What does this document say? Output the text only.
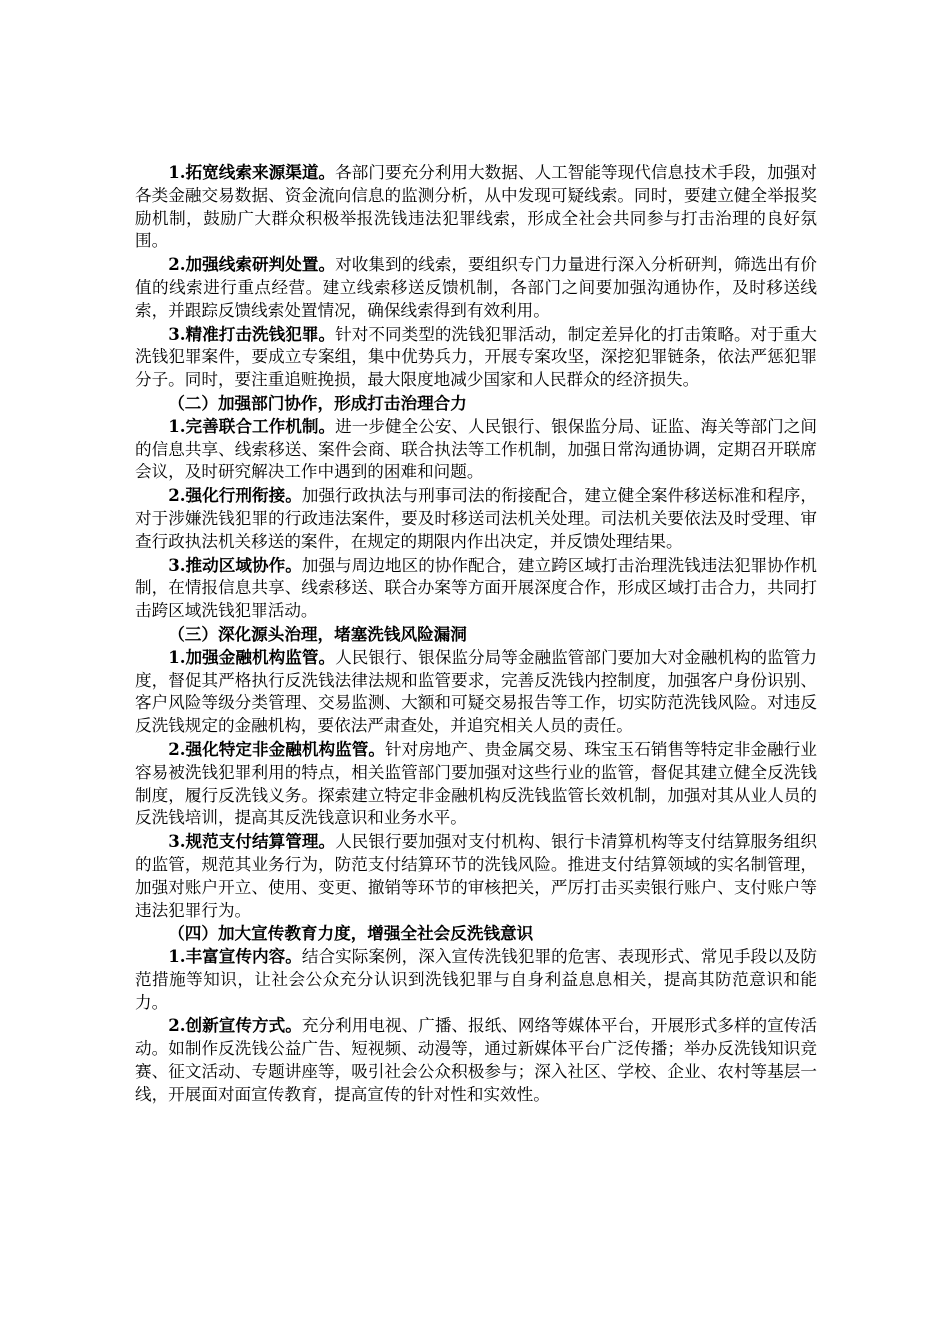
1.拓宽线索来源渠道。各部门要充分利用大数据、人工智能等现代信息技术手段，加强对各类金融交易数据、资金流向信息的监测分析，从中发现可疑线索。同时，要建立健全举报奖励机制，鼓励广大群众积极举报洗钱违法犯罪线索，形成全社会共同参与打击治理的良好氛围。

2.加强线索研判处置。对收集到的线索，要组织专门力量进行深入分析研判，筛选出有价值的线索进行重点经营。建立线索移送反馈机制，各部门之间要加强沟通协作，及时移送线索，并跟踪反馈线索处置情况，确保线索得到有效利用。

3.精准打击洗钱犯罪。针对不同类型的洗钱犯罪活动，制定差异化的打击策略。对于重大洗钱犯罪案件，要成立专案组，集中优势兵力，开展专案攻坚，深挖犯罪链条，依法严惩犯罪分子。同时，要注重追赃挽损，最大限度地减少国家和人民群众的经济损失。

（二）加强部门协作，形成打击治理合力

1.完善联合工作机制。进一步健全公安、人民银行、银保监分局、证监、海关等部门之间的信息共享、线索移送、案件会商、联合执法等工作机制，加强日常沟通协调，定期召开联席会议，及时研究解决工作中遇到的困难和问题。

2.强化行刑衔接。加强行政执法与刑事司法的衔接配合，建立健全案件移送标准和程序，对于涉嫌洗钱犯罪的行政违法案件，要及时移送司法机关处理。司法机关要依法及时受理、审查行政执法机关移送的案件，在规定的期限内作出决定，并反馈处理结果。

3.推动区域协作。加强与周边地区的协作配合，建立跨区域打击治理洗钱违法犯罪协作机制，在情报信息共享、线索移送、联合办案等方面开展深度合作，形成区域打击合力，共同打击跨区域洗钱犯罪活动。

（三）深化源头治理，堵塞洗钱风险漏洞

1.加强金融机构监管。人民银行、银保监分局等金融监管部门要加大对金融机构的监管力度，督促其严格执行反洗钱法律法规和监管要求，完善反洗钱内控制度，加强客户身份识别、客户风险等级分类管理、交易监测、大额和可疑交易报告等工作，切实防范洗钱风险。对违反反洗钱规定的金融机构，要依法严肃查处，并追究相关人员的责任。

2.强化特定非金融机构监管。针对房地产、贵金属交易、珠宝玉石销售等特定非金融行业容易被洗钱犯罪利用的特点，相关监管部门要加强对这些行业的监管，督促其建立健全反洗钱制度，履行反洗钱义务。探索建立特定非金融机构反洗钱监管长效机制，加强对其从业人员的反洗钱培训，提高其反洗钱意识和业务水平。

3.规范支付结算管理。人民银行要加强对支付机构、银行卡清算机构等支付结算服务组织的监管，规范其业务行为，防范支付结算环节的洗钱风险。推进支付结算领域的实名制管理，加强对账户开立、使用、变更、撤销等环节的审核把关，严厉打击买卖银行账户、支付账户等违法犯罪行为。

（四）加大宣传教育力度，增强全社会反洗钱意识

1.丰富宣传内容。结合实际案例，深入宣传洗钱犯罪的危害、表现形式、常见手段以及防范措施等知识，让社会公众充分认识到洗钱犯罪与自身利益息息相关，提高其防范意识和能力。

2.创新宣传方式。充分利用电视、广播、报纸、网络等媒体平台，开展形式多样的宣传活动。如制作反洗钱公益广告、短视频、动漫等，通过新媒体平台广泛传播；举办反洗钱知识竞赛、征文活动、专题讲座等，吸引社会公众积极参与；深入社区、学校、企业、农村等基层一线，开展面对面宣传教育，提高宣传的针对性和实效性。
